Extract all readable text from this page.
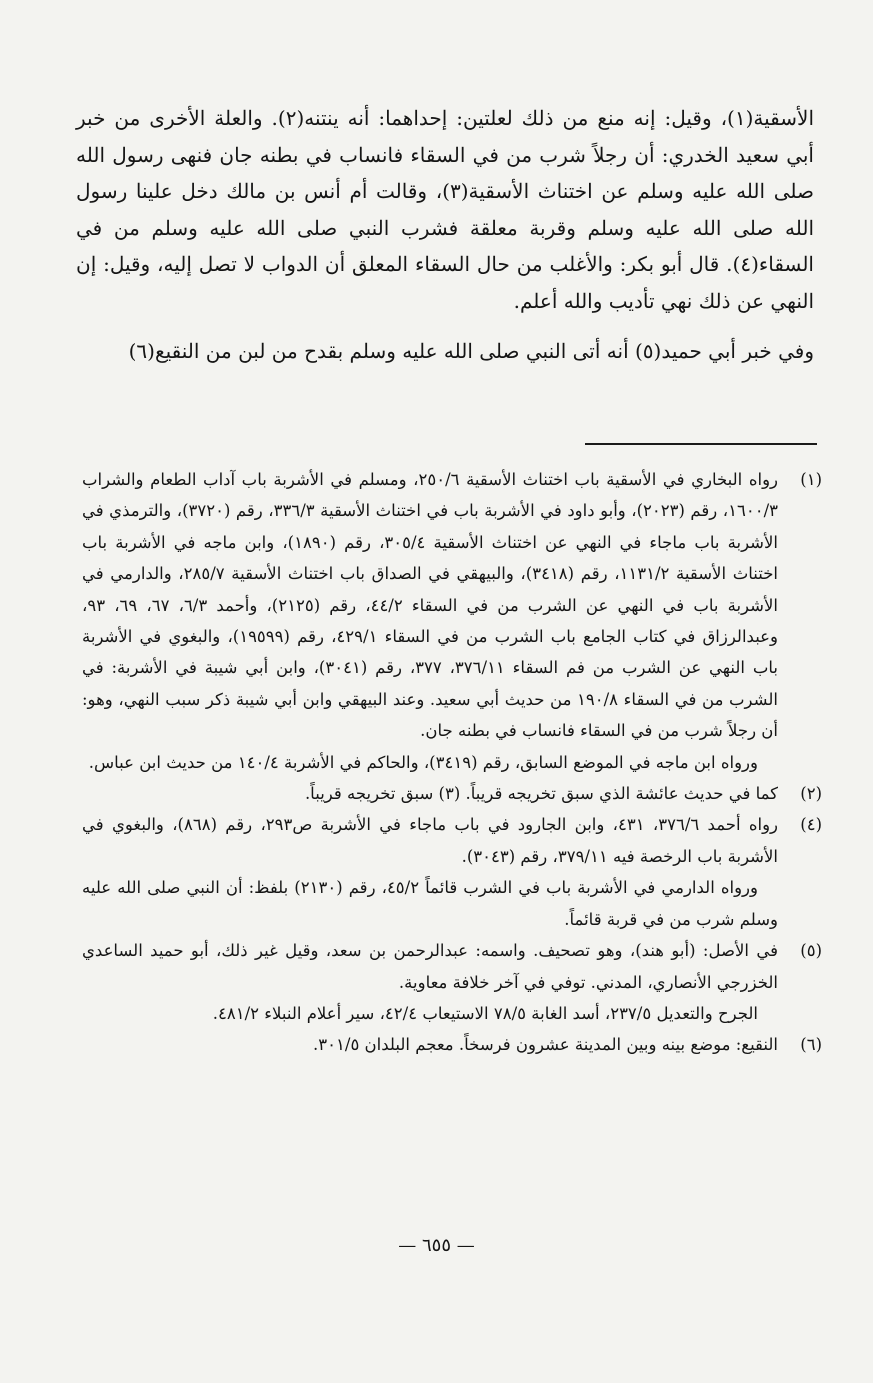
الأسقية(١)، وقيل: إنه منع من ذلك لعلتين: إحداهما: أنه ينتنه(٢). والعلة الأخرى من خبر أبي سعيد الخدري: أن رجلاً شرب من في السقاء فانساب في بطنه جان فنهى رسول الله صلى الله عليه وسلم عن اختناث الأسقية(٣)، وقالت أم أنس بن مالك دخل علينا رسول الله صلى الله عليه وسلم وقربة معلقة فشرب النبي صلى الله عليه وسلم من في السقاء(٤). قال أبو بكر: والأغلب من حال السقاء المعلق أن الدواب لا تصل إليه، وقيل: إن النهي عن ذلك نهي تأديب والله أعلم.

وفي خبر أبي حميد(٥) أنه أتى النبي صلى الله عليه وسلم بقدح من لبن من النقيع(٦)

(١)
رواه البخاري في الأسقية باب اختناث الأسقية ٢٥٠/٦، ومسلم في الأشربة باب آداب الطعام والشراب ١٦٠٠/٣، رقم (٢٠٢٣)، وأبو داود في الأشربة باب في اختناث الأسقية ٣٣٦/٣، رقم (٣٧٢٠)، والترمذي في الأشربة باب ماجاء في النهي عن اختناث الأسقية ٣٠٥/٤، رقم (١٨٩٠)، وابن ماجه في الأشربة باب اختناث الأسقية ١١٣١/٢، رقم (٣٤١٨)، والبيهقي في الصداق باب اختناث الأسقية ٢٨٥/٧، والدارمي في الأشربة باب في النهي عن الشرب من في السقاء ٤٤/٢، رقم (٢١٢٥)، وأحمد ٦/٣، ٦٧، ٦٩، ٩٣، وعبدالرزاق في كتاب الجامع باب الشرب من في السقاء ٤٢٩/١، رقم (١٩٥٩٩)، والبغوي في الأشربة باب النهي عن الشرب من فم السقاء ٣٧٦/١١، ٣٧٧، رقم (٣٠٤١)، وابن أبي شيبة في الأشربة: في الشرب من في السقاء ١٩٠/٨ من حديث أبي سعيد. وعند البيهقي وابن أبي شيبة ذكر سبب النهي، وهو: أن رجلاً شرب من في السقاء فانساب في بطنه جان.
ورواه ابن ماجه في الموضع السابق، رقم (٣٤١٩)، والحاكم في الأشربة ١٤٠/٤ من حديث ابن عباس.
(٢)
كما في حديث عائشة الذي سبق تخريجه قريباً. (٣) سبق تخريجه قريباً.
(٤)
رواه أحمد ٣٧٦/٦، ٤٣١، وابن الجارود في باب ماجاء في الأشربة ص٢٩٣، رقم (٨٦٨)، والبغوي في الأشربة باب الرخصة فيه ٣٧٩/١١، رقم (٣٠٤٣).
ورواه الدارمي في الأشربة باب في الشرب قائماً ٤٥/٢، رقم (٢١٣٠) بلفظ: أن النبي صلى الله عليه وسلم شرب من في قربة قائماً.
(٥)
في الأصل: (أبو هند)، وهو تصحيف. واسمه: عبدالرحمن بن سعد، وقيل غير ذلك، أبو حميد الساعدي الخزرجي الأنصاري، المدني. توفي في آخر خلافة معاوية.
الجرح والتعديل ٢٣٧/٥، أسد الغابة ٧٨/٥ الاستيعاب ٤٢/٤، سير أعلام النبلاء ٤٨١/٢.
(٦)
النقيع: موضع بينه وبين المدينة عشرون فرسخاً. معجم البلدان ٣٠١/٥.
— ٦٥٥ —
